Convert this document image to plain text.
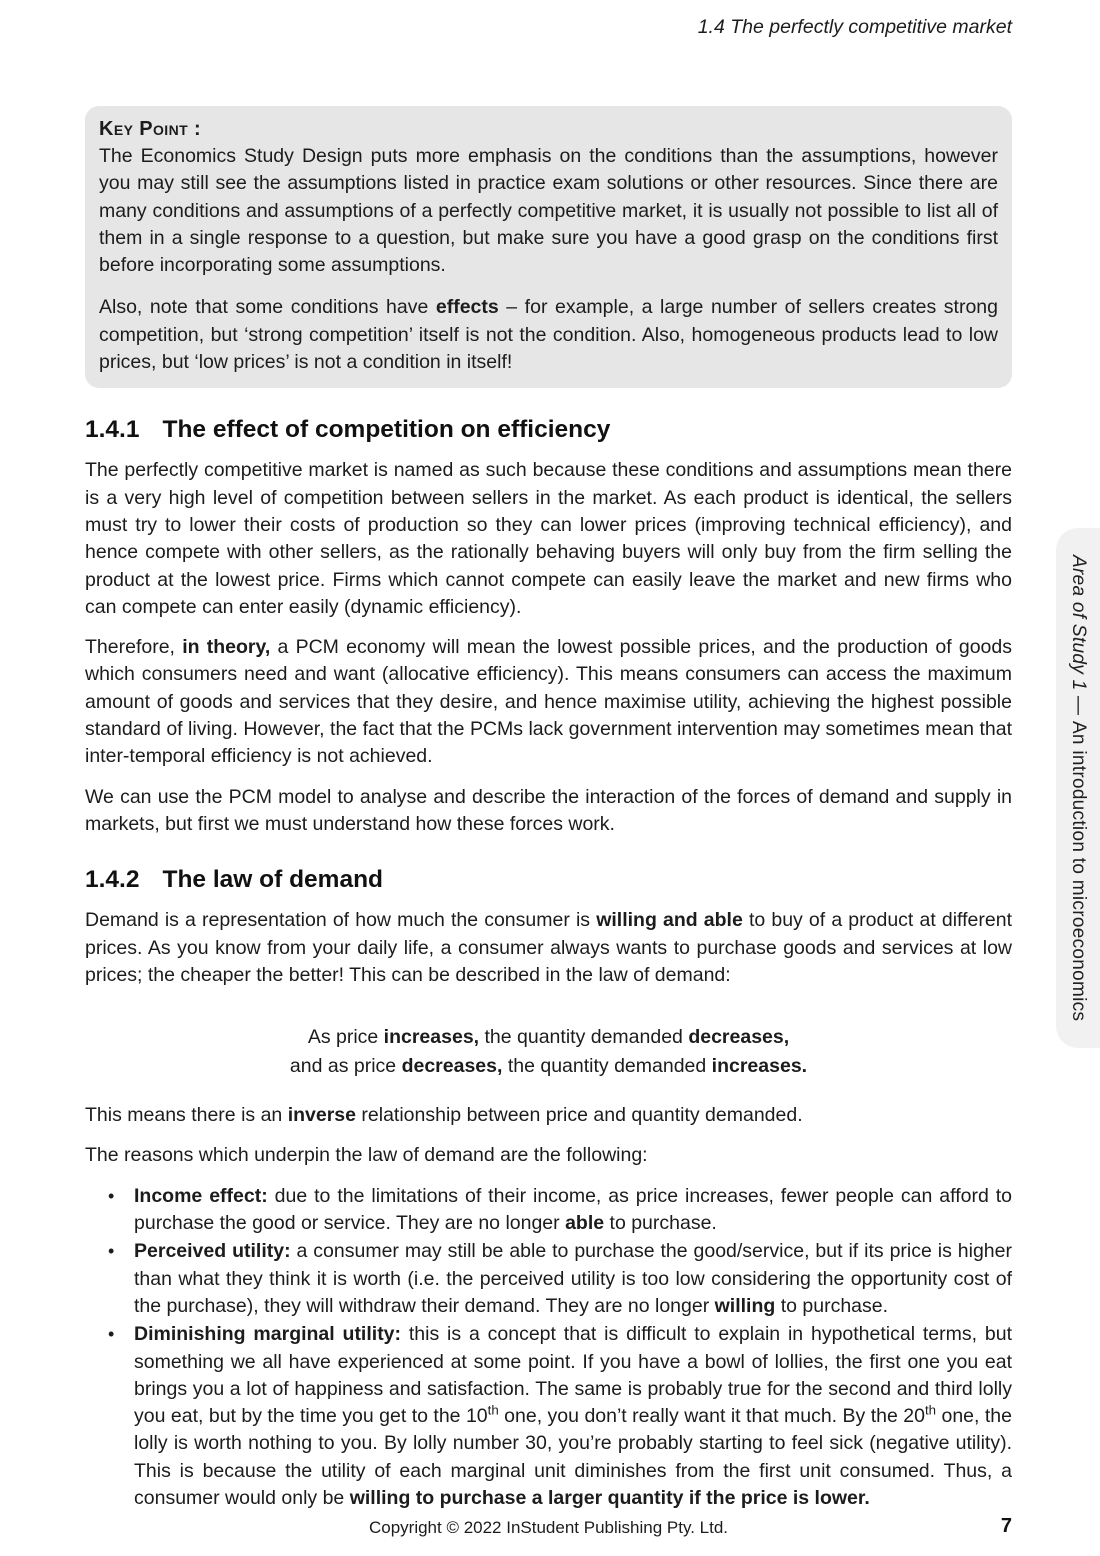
1.4 The perfectly competitive market
Key Point :

The Economics Study Design puts more emphasis on the conditions than the assumptions, however you may still see the assumptions listed in practice exam solutions or other resources. Since there are many conditions and assumptions of a perfectly competitive market, it is usually not possible to list all of them in a single response to a question, but make sure you have a good grasp on the conditions first before incorporating some assumptions.

Also, note that some conditions have effects – for example, a large number of sellers creates strong competition, but ‘strong competition’ itself is not the condition. Also, homogeneous products lead to low prices, but ‘low prices’ is not a condition in itself!

1.4.1 The effect of competition on efficiency

The perfectly competitive market is named as such because these conditions and assumptions mean there is a very high level of competition between sellers in the market. As each product is identical, the sellers must try to lower their costs of production so they can lower prices (improving technical efficiency), and hence compete with other sellers, as the rationally behaving buyers will only buy from the firm selling the product at the lowest price. Firms which cannot compete can easily leave the market and new firms who can compete can enter easily (dynamic efficiency).

Therefore, in theory, a PCM economy will mean the lowest possible prices, and the production of goods which consumers need and want (allocative efficiency). This means consumers can access the maximum amount of goods and services that they desire, and hence maximise utility, achieving the highest possible standard of living. However, the fact that the PCMs lack government intervention may sometimes mean that inter-temporal efficiency is not achieved.

We can use the PCM model to analyse and describe the interaction of the forces of demand and supply in markets, but first we must understand how these forces work.

1.4.2 The law of demand

Demand is a representation of how much the consumer is willing and able to buy of a product at different prices. As you know from your daily life, a consumer always wants to purchase goods and services at low prices; the cheaper the better! This can be described in the law of demand:

As price increases, the quantity demanded decreases,
and as price decreases, the quantity demanded increases.

This means there is an inverse relationship between price and quantity demanded.

The reasons which underpin the law of demand are the following:

• Income effect: due to the limitations of their income, as price increases, fewer people can afford to purchase the good or service. They are no longer able to purchase.
• Perceived utility: a consumer may still be able to purchase the good/service, but if its price is higher than what they think it is worth (i.e. the perceived utility is too low considering the opportunity cost of the purchase), they will withdraw their demand. They are no longer willing to purchase.
• Diminishing marginal utility: this is a concept that is difficult to explain in hypothetical terms, but something we all have experienced at some point. If you have a bowl of lollies, the first one you eat brings you a lot of happiness and satisfaction. The same is probably true for the second and third lolly you eat, but by the time you get to the 10th one, you don’t really want it that much. By the 20th one, the lolly is worth nothing to you. By lolly number 30, you’re probably starting to feel sick (negative utility). This is because the utility of each marginal unit diminishes from the first unit consumed. Thus, a consumer would only be willing to purchase a larger quantity if the price is lower.
Area of Study 1 — An introduction to microeconomics
Copyright © 2022 InStudent Publishing Pty. Ltd.	7
